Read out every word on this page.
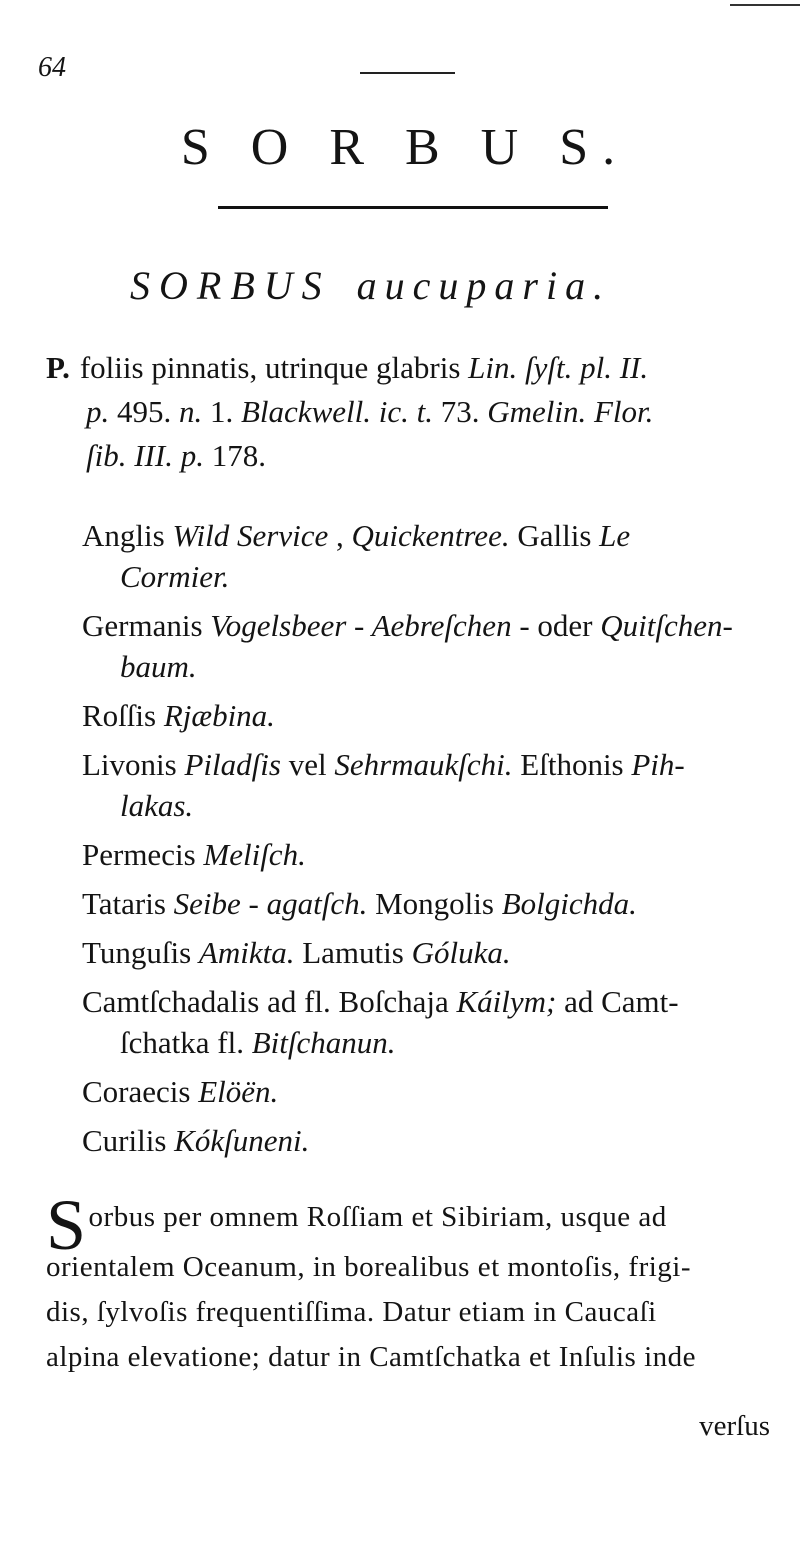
64
S O R B U S.
SORBUS aucuparia.
P. foliis pinnatis, utrinque glabris Lin. ſyſt. pl. II.
p. 495. n. 1. Blackwell. ic. t. 73. Gmelin. Flor.
ſib. III. p. 178.
Anglis Wild Service , Quickentree. Gallis Le
Cormier.
Germanis Vogelsbeer - Aebreſchen - oder Quitſchen-
baum.
Roſſis Rjæbina.
Livonis Piladſis vel Sehrmaukſchi. Eſthonis Pih-
lakas.
Permecis Meliſch.
Tataris Seibe - agatſch. Mongolis Bolgichda.
Tunguſis Amikta. Lamutis Góluka.
Camtſchadalis ad fl. Boſchaja Káilym; ad Camt-
ſchatka fl. Bitſchanun.
Coraecis Elöën.
Curilis Kókſuneni.
Sorbus per omnem Roſſiam et Sibiriam, usque ad
orientalem Oceanum, in borealibus et montoſis, frigi-
dis, ſylvoſis frequentiſſima. Datur etiam in Caucaſi
alpina elevatione; datur in Camtſchatka et Inſulis inde
verſus
